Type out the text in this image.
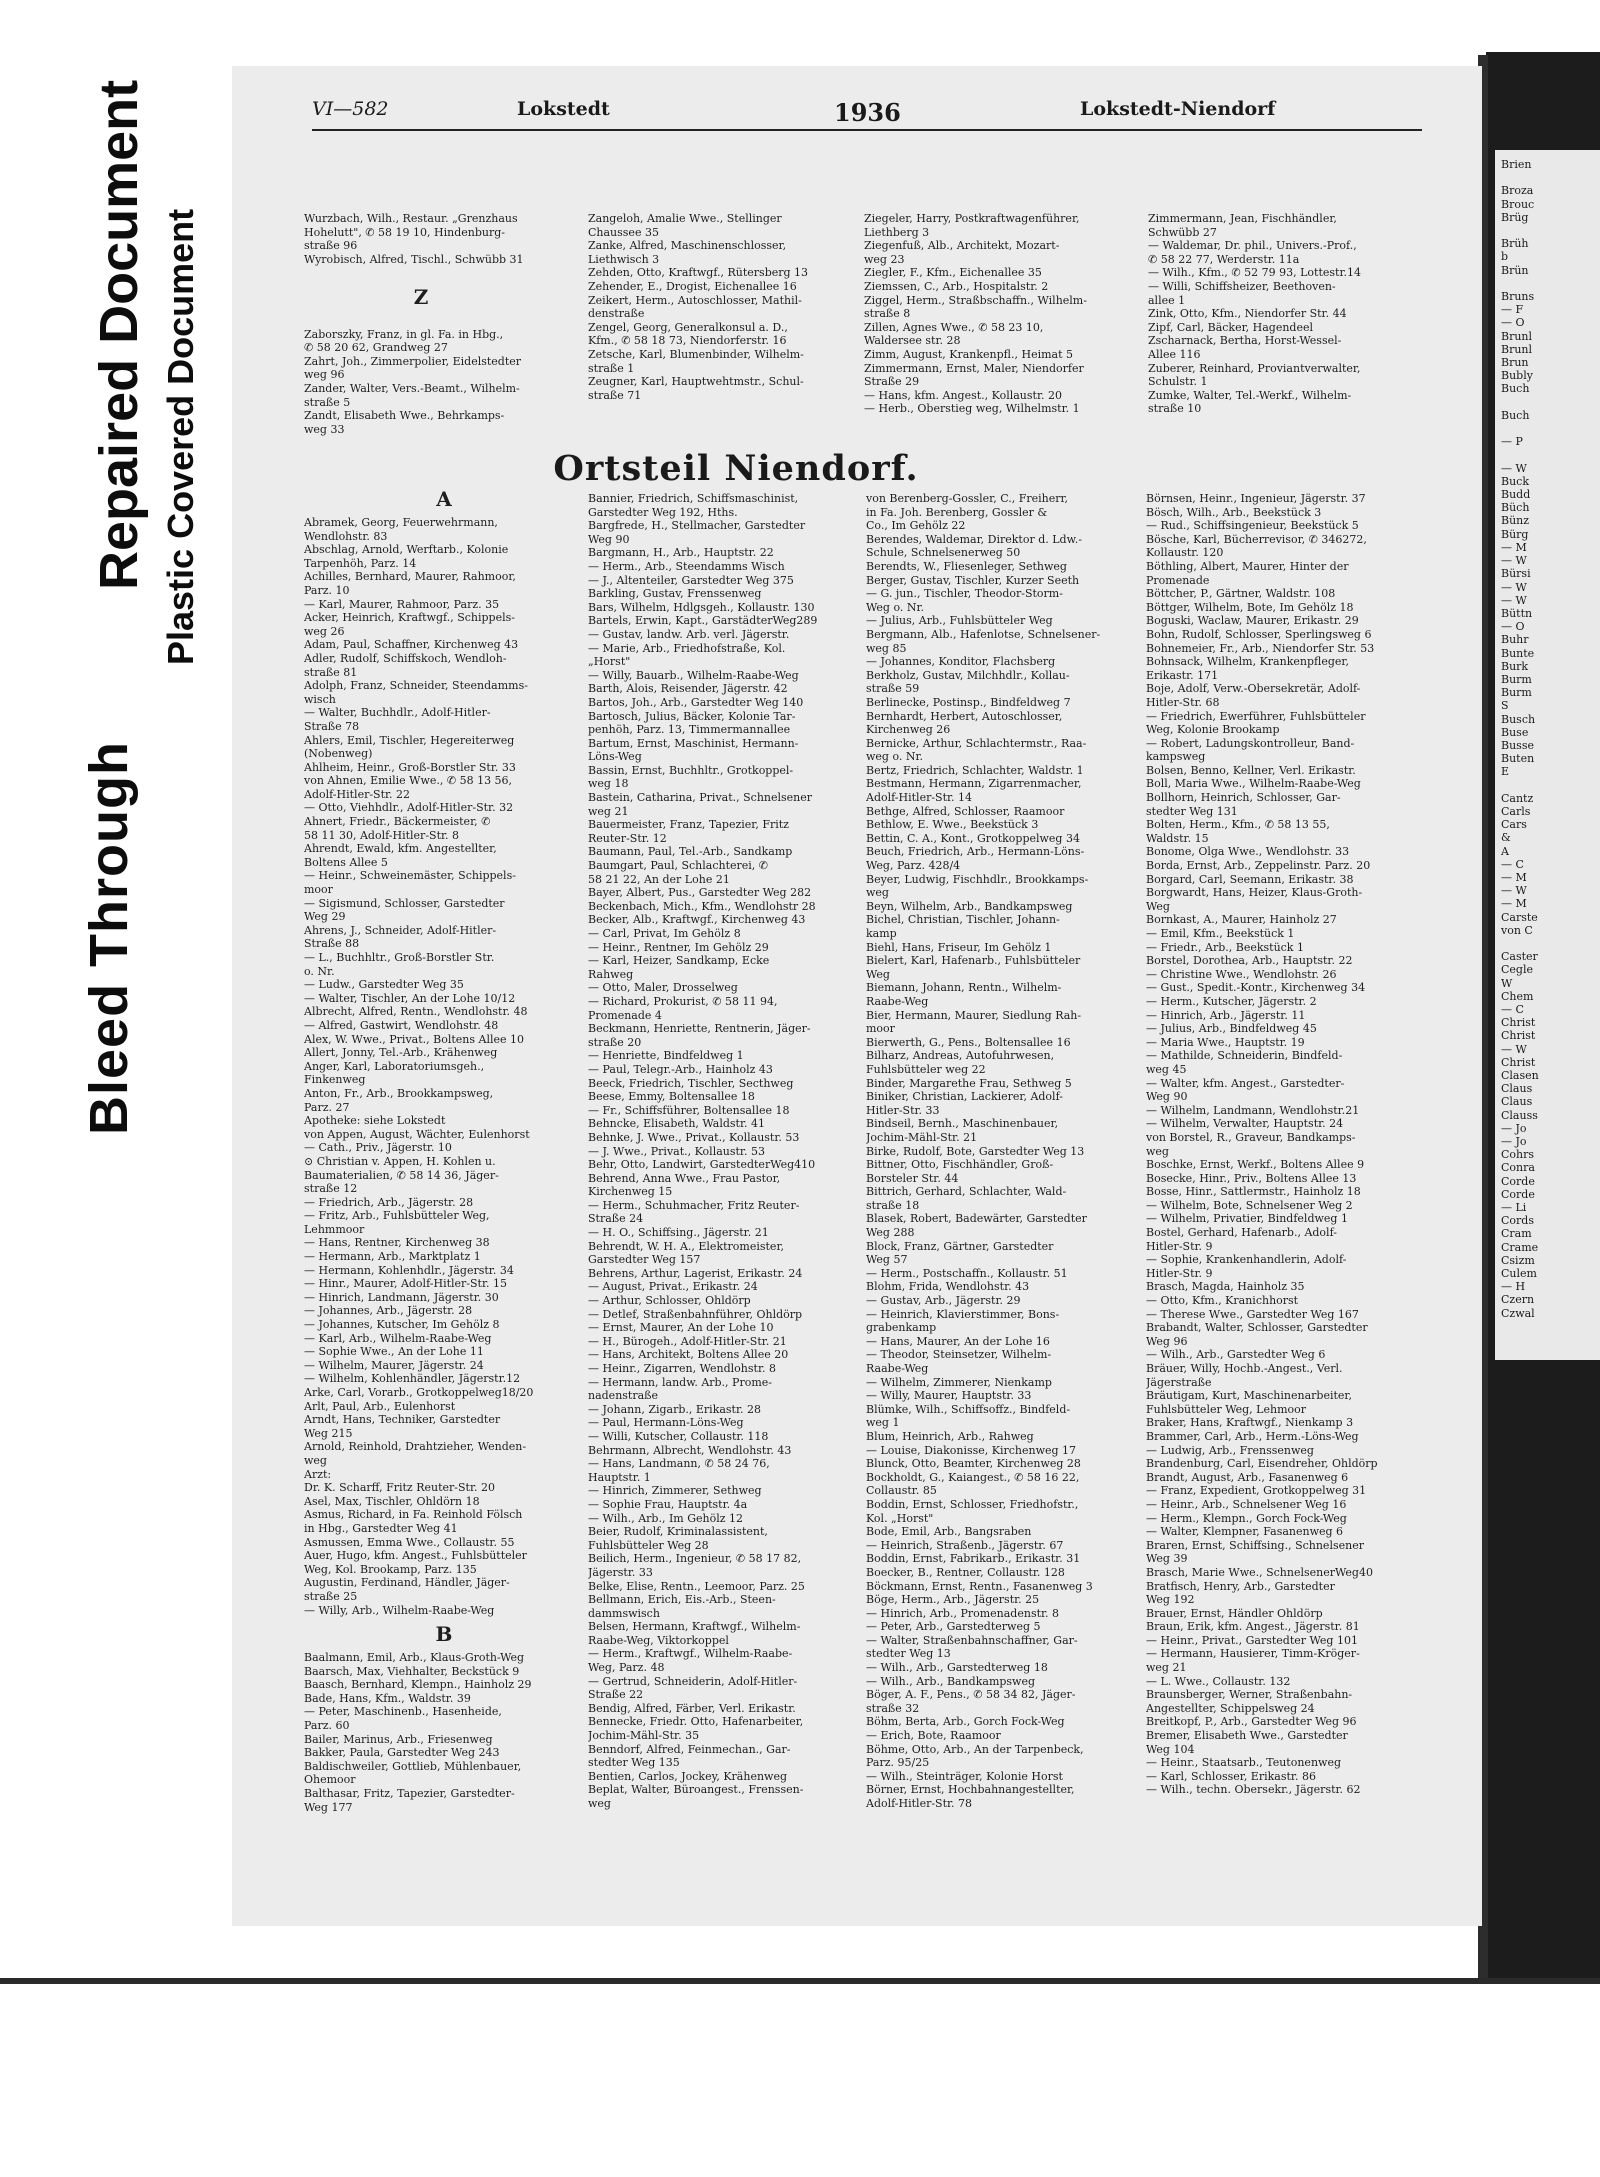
Bleed Through
Repaired Document Plastic Covered Document
VI—582	Lokstedt	1936	Lokstedt-Niendorf
Wurzbach, Wilh., Restaur. „Grenzhaus
Hohelutt", ✆ 58 19 10, Hindenburg-
straße 96
Wyrobisch, Alfred, Tischl., Schwübb 31

Z

Zaborszky, Franz, in gl. Fa. in Hbg.,
✆ 58 20 62, Grandweg 27
Zahrt, Joh., Zimmerpolier, Eidelstedter
weg 96
Zander, Walter, Vers.-Beamt., Wilhelm-
straße 5
Zandt, Elisabeth Wwe., Behrkamps-
weg 33
Zangeloh, Amalie Wwe., Stellinger
Chaussee 35
Zanke, Alfred, Maschinenschlosser,
Liethwisch 3
Zehden, Otto, Kraftwgf., Rütersberg 13
Zehender, E., Drogist, Eichenallee 16
Zeikert, Herm., Autoschlosser, Mathil-
denstraße
Zengel, Georg, Generalkonsul a. D.,
Kfm., ✆ 58 18 73, Niendorferstr. 16
Zetsche, Karl, Blumenbinder, Wilhelm-
straße 1
Zeugner, Karl, Hauptwehtmstr., Schul-
straße 71
Ziegeler, Harry, Postkraftwagenführer,
Liethberg 3
Ziegenfuß, Alb., Architekt, Mozart-
weg 23
Ziegler, F., Kfm., Eichenallee 35
Ziemssen, C., Arb., Hospitalstr. 2
Ziggel, Herm., Straßbschaffn., Wilhelm-
straße 8
Zillen, Agnes Wwe., ✆ 58 23 10,
Waldersee str. 28
Zimm, August, Krankenpfl., Heimat 5
Zimmermann, Ernst, Maler, Niendorfer
Straße 29
— Hans, kfm. Angest., Kollaustr. 20
— Herb., Oberstieg weg, Wilhelmstr. 1
Zimmermann, Jean, Fischhändler,
Schwübb 27
— Waldemar, Dr. phil., Univers.-Prof.,
✆ 58 22 77, Werderstr. 11a
— Wilh., Kfm., ✆ 52 79 93, Lottestr.14
— Willi, Schiffsheizer, Beethoven-
allee 1
Zink, Otto, Kfm., Niendorfer Str. 44
Zipf, Carl, Bäcker, Hagendeel
Zscharnack, Bertha, Horst-Wessel-
Allee 116
Zuberer, Reinhard, Proviantverwalter,
Schulstr. 1
Zumke, Walter, Tel.-Werkf., Wilhelm-
straße 10
Ortsteil Niendorf.
A
Abramek, Georg, Feuerwehrmann,
Wendlohstr. 83
Abschlag, Arnold, Werftarb., Kolonie
Tarpenhöh, Parz. 14
Achilles, Bernhard, Maurer, Rahmoor,
Parz. 10
— Karl, Maurer, Rahmoor, Parz. 35
Acker, Heinrich, Kraftwgf., Schippels-
weg 26
Adam, Paul, Schaffner, Kirchenweg 43
Adler, Rudolf, Schiffskoch, Wendloh-
straße 81
Adolph, Franz, Schneider, Steendamms-
wisch
— Walter, Buchhdlr., Adolf-Hitler-
Straße 78
Ahlers, Emil, Tischler, Hegereiterweg
(Nobenweg)
Ahlheim, Heinr., Groß-Borstler Str. 33
von Ahnen, Emilie Wwe., ✆ 58 13 56,
Adolf-Hitler-Str. 22
— Otto, Viehhdlr., Adolf-Hitler-Str. 32
Ahnert, Friedr., Bäckermeister, ✆
58 11 30, Adolf-Hitler-Str. 8
Ahrendt, Ewald, kfm. Angestellter,
Boltens Allee 5
— Heinr., Schweinemäster, Schippels-
moor
— Sigismund, Schlosser, Garstedter
Weg 29
Ahrens, J., Schneider, Adolf-Hitler-
Straße 88
— L., Buchhltr., Groß-Borstler Str.
o. Nr.
— Ludw., Garstedter Weg 35
— Walter, Tischler, An der Lohe 10/12
Albrecht, Alfred, Rentn., Wendlohstr. 48
— Alfred, Gastwirt, Wendlohstr. 48
Alex, W. Wwe., Privat., Boltens Allee 10
Allert, Jonny, Tel.-Arb., Krähenweg
Anger, Karl, Laboratoriumsgeh.,
Finkenweg
Anton, Fr., Arb., Brookkampsweg,
Parz. 27
Apotheke: siehe Lokstedt
von Appen, August, Wächter, Eulenhorst
— Cath., Priv., Jägerstr. 10
⊙ Christian v. Appen, H. Kohlen u.
Baumaterialien, ✆ 58 14 36, Jäger-
straße 12
— Friedrich, Arb., Jägerstr. 28
— Fritz, Arb., Fuhlsbütteler Weg,
Lehmmoor
— Hans, Rentner, Kirchenweg 38
— Hermann, Arb., Marktplatz 1
— Hermann, Kohlenhdlr., Jägerstr. 34
— Hinr., Maurer, Adolf-Hitler-Str. 15
— Hinrich, Landmann, Jägerstr. 30
— Johannes, Arb., Jägerstr. 28
— Johannes, Kutscher, Im Gehölz 8
— Karl, Arb., Wilhelm-Raabe-Weg
— Sophie Wwe., An der Lohe 11
— Wilhelm, Maurer, Jägerstr. 24
— Wilhelm, Kohlenhändler, Jägerstr.12
Arke, Carl, Vorarb., Grotkoppelweg18/20
Arlt, Paul, Arb., Eulenhorst
Arndt, Hans, Techniker, Garstedter
Weg 215
Arnold, Reinhold, Drahtzieher, Wenden-
weg
Arzt:
Dr. K. Scharff, Fritz Reuter-Str. 20
Asel, Max, Tischler, Ohldörn 18
Asmus, Richard, in Fa. Reinhold Fölsch
in Hbg., Garstedter Weg 41
Asmussen, Emma Wwe., Collaustr. 55
Auer, Hugo, kfm. Angest., Fuhlsbütteler
Weg, Kol. Brookamp, Parz. 135
Augustin, Ferdinand, Händler, Jäger-
straße 25
— Willy, Arb., Wilhelm-Raabe-Weg
B
Baalmann, Emil, Arb., Klaus-Groth-Weg
Baarsch, Max, Viehhalter, Beckstück 9
Baasch, Bernhard, Klempn., Hainholz 29
Bade, Hans, Kfm., Waldstr. 39
— Peter, Maschinenb., Hasenheide,
Parz. 60
Bailer, Marinus, Arb., Friesenweg
Bakker, Paula, Garstedter Weg 243
Baldischweiler, Gottlieb, Mühlenbauer,
Ohemoor
Balthasar, Fritz, Tapezier, Garstedter-
Weg 177
Bannier, Friedrich, Schiffsmaschinist,
Garstedter Weg 192, Hths.
Bargfrede, H., Stellmacher, Garstedter
Weg 90
Bargmann, H., Arb., Hauptstr. 22
— Herm., Arb., Steendamms Wisch
— J., Altenteiler, Garstedter Weg 375
Barkling, Gustav, Frenssenweg
Bars, Wilhelm, Hdlgsgeh., Kollaustr. 130
Bartels, Erwin, Kapt., GarstädterWeg289
— Gustav, landw. Arb. verl. Jägerstr.
— Marie, Arb., Friedhofstraße, Kol.
„Horst"
— Willy, Bauarb., Wilhelm-Raabe-Weg
Barth, Alois, Reisender, Jägerstr. 42
Bartos, Joh., Arb., Garstedter Weg 140
Bartosch, Julius, Bäcker, Kolonie Tar-
penhöh, Parz. 13, Timmermannallee
Bartum, Ernst, Maschinist, Hermann-
Löns-Weg
Bassin, Ernst, Buchhltr., Grotkoppel-
weg 18
Bastein, Catharina, Privat., Schnelsener
weg 21
Bauermeister, Franz, Tapezier, Fritz
Reuter-Str. 12
Baumann, Paul, Tel.-Arb., Sandkamp
Baumgart, Paul, Schlachterei, ✆
58 21 22, An der Lohe 21
Bayer, Albert, Pus., Garstedter Weg 282
Beckenbach, Mich., Kfm., Wendlohstr 28
Becker, Alb., Kraftwgf., Kirchenweg 43
— Carl, Privat, Im Gehölz 8
— Heinr., Rentner, Im Gehölz 29
— Karl, Heizer, Sandkamp, Ecke
Rahweg
— Otto, Maler, Drosselweg
— Richard, Prokurist, ✆ 58 11 94,
Promenade 4
Beckmann, Henriette, Rentnerin, Jäger-
straße 20
— Henriette, Bindfeldweg 1
— Paul, Telegr.-Arb., Hainholz 43
Beeck, Friedrich, Tischler, Secthweg
Beese, Emmy, Boltensallee 18
— Fr., Schiffsführer, Boltensallee 18
Behncke, Elisabeth, Waldstr. 41
Behnke, J. Wwe., Privat., Kollaustr. 53
— J. Wwe., Privat., Kollaustr. 53
Behr, Otto, Landwirt, GarstedterWeg410
Behrend, Anna Wwe., Frau Pastor,
Kirchenweg 15
— Herm., Schuhmacher, Fritz Reuter-
Straße 24
— H. O., Schiffsing., Jägerstr. 21
Behrendt, W. H. A., Elektromeister,
Garstedter Weg 157
Behrens, Arthur, Lagerist, Erikastr. 24
— August, Privat., Erikastr. 24
— Arthur, Schlosser, Ohldörp
— Detlef, Straßenbahnführer, Ohldörp
— Ernst, Maurer, An der Lohe 10
— H., Bürogeh., Adolf-Hitler-Str. 21
— Hans, Architekt, Boltens Allee 20
— Heinr., Zigarren, Wendlohstr. 8
— Hermann, landw. Arb., Prome-
nadenstraße
— Johann, Zigarb., Erikastr. 28
— Paul, Hermann-Löns-Weg
— Willi, Kutscher, Collaustr. 118
Behrmann, Albrecht, Wendlohstr. 43
— Hans, Landmann, ✆ 58 24 76,
Hauptstr. 1
— Hinrich, Zimmerer, Sethweg
— Sophie Frau, Hauptstr. 4a
— Wilh., Arb., Im Gehölz 12
Beier, Rudolf, Kriminalassistent,
Fuhlsbütteler Weg 28
Beilich, Herm., Ingenieur, ✆ 58 17 82,
Jägerstr. 33
Belke, Elise, Rentn., Leemoor, Parz. 25
Bellmann, Erich, Eis.-Arb., Steen-
dammswisch
Belsen, Hermann, Kraftwgf., Wilhelm-
Raabe-Weg, Viktorkoppel
— Herm., Kraftwgf., Wilhelm-Raabe-
Weg, Parz. 48
— Gertrud, Schneiderin, Adolf-Hitler-
Straße 22
Bendig, Alfred, Färber, Verl. Erikastr.
Bennecke, Friedr. Otto, Hafenarbeiter,
Jochim-Mähl-Str. 35
Benndorf, Alfred, Feinmechan., Gar-
stedter Weg 135
Bentien, Carlos, Jockey, Krähenweg
Beplat, Walter, Büroangest., Frenssen-
weg
von Berenberg-Gossler, C., Freiherr,
in Fa. Joh. Berenberg, Gossler &
Co., Im Gehölz 22
Berendes, Waldemar, Direktor d. Ldw.-
Schule, Schnelsenerweg 50
Berendts, W., Fliesenleger, Sethweg
Berger, Gustav, Tischler, Kurzer Seeth
— G. jun., Tischler, Theodor-Storm-
Weg o. Nr.
— Julius, Arb., Fuhlsbütteler Weg
Bergmann, Alb., Hafenlotse, Schnelsener-
weg 85
— Johannes, Konditor, Flachsberg
Berkholz, Gustav, Milchhdlr., Kollau-
straße 59
Berlinecke, Postinsp., Bindfeldweg 7
Bernhardt, Herbert, Autoschlosser,
Kirchenweg 26
Bernicke, Arthur, Schlachtermstr., Raa-
weg o. Nr.
Bertz, Friedrich, Schlachter, Waldstr. 1
Bestmann, Hermann, Zigarrenmacher,
Adolf-Hitler-Str. 14
Bethge, Alfred, Schlosser, Raamoor
Bethlow, E. Wwe., Beekstück 3
Bettin, C. A., Kont., Grotkoppelweg 34
Beuch, Friedrich, Arb., Hermann-Löns-
Weg, Parz. 428/4
Beyer, Ludwig, Fischhdlr., Brookkamps-
weg
Beyn, Wilhelm, Arb., Bandkampsweg
Bichel, Christian, Tischler, Johann-
kamp
Biehl, Hans, Friseur, Im Gehölz 1
Bielert, Karl, Hafenarb., Fuhlsbütteler
Weg
Biemann, Johann, Rentn., Wilhelm-
Raabe-Weg
Bier, Hermann, Maurer, Siedlung Rah-
moor
Bierwerth, G., Pens., Boltensallee 16
Bilharz, Andreas, Autofuhrwesen,
Fuhlsbütteler weg 22
Binder, Margarethe Frau, Sethweg 5
Biniker, Christian, Lackierer, Adolf-
Hitler-Str. 33
Bindseil, Bernh., Maschinenbauer,
Jochim-Mähl-Str. 21
Birke, Rudolf, Bote, Garstedter Weg 13
Bittner, Otto, Fischhändler, Groß-
Borsteler Str. 44
Bittrich, Gerhard, Schlachter, Wald-
straße 18
Blasek, Robert, Badewärter, Garstedter
Weg 288
Block, Franz, Gärtner, Garstedter
Weg 57
— Herm., Postschaffn., Kollaustr. 51
Blohm, Frida, Wendlohstr. 43
— Gustav, Arb., Jägerstr. 29
— Heinrich, Klavierstimmer, Bons-
grabenkamp
— Hans, Maurer, An der Lohe 16
— Theodor, Steinsetzer, Wilhelm-
Raabe-Weg
— Wilhelm, Zimmerer, Nienkamp
— Willy, Maurer, Hauptstr. 33
Blümke, Wilh., Schiffsoffz., Bindfeld-
weg 1
Blum, Heinrich, Arb., Rahweg
— Louise, Diakonisse, Kirchenweg 17
Blunck, Otto, Beamter, Kirchenweg 28
Bockholdt, G., Kaiangest., ✆ 58 16 22,
Collaustr. 85
Boddin, Ernst, Schlosser, Friedhofstr.,
Kol. „Horst"
Bode, Emil, Arb., Bangsraben
— Heinrich, Straßenb., Jägerstr. 67
Boddin, Ernst, Fabrikarb., Erikastr. 31
Boecker, B., Rentner, Collaustr. 128
Böckmann, Ernst, Rentn., Fasanenweg 3
Böge, Herm., Arb., Jägerstr. 25
— Hinrich, Arb., Promenadenstr. 8
— Peter, Arb., Garstedterweg 5
— Walter, Straßenbahnschaffner, Gar-
stedter Weg 13
— Wilh., Arb., Garstedterweg 18
— Wilh., Arb., Bandkampsweg
Böger, A. F., Pens., ✆ 58 34 82, Jäger-
straße 32
Böhm, Berta, Arb., Gorch Fock-Weg
— Erich, Bote, Raamoor
Böhme, Otto, Arb., An der Tarpenbeck,
Parz. 95/25
— Wilh., Steinträger, Kolonie Horst
Börner, Ernst, Hochbahnangestellter,
Adolf-Hitler-Str. 78
Börnsen, Heinr., Ingenieur, Jägerstr. 37
Bösch, Wilh., Arb., Beekstück 3
— Rud., Schiffsingenieur, Beekstück 5
Bösche, Karl, Bücherrevisor, ✆ 346272,
Kollaustr. 120
Böthling, Albert, Maurer, Hinter der
Promenade
Böttcher, P., Gärtner, Waldstr. 108
Böttger, Wilhelm, Bote, Im Gehölz 18
Boguski, Waclaw, Maurer, Erikastr. 29
Bohn, Rudolf, Schlosser, Sperlingsweg 6
Bohnemeier, Fr., Arb., Niendorfer Str. 53
Bohnsack, Wilhelm, Krankenpfleger,
Erikastr. 171
Boje, Adolf, Verw.-Obersekretär, Adolf-
Hitler-Str. 68
— Friedrich, Ewerführer, Fuhlsbütteler
Weg, Kolonie Brookamp
— Robert, Ladungskontrolleur, Band-
kampsweg
Bolsen, Benno, Kellner, Verl. Erikastr.
Boll, Maria Wwe., Wilhelm-Raabe-Weg
Bollhorn, Heinrich, Schlosser, Gar-
stedter Weg 131
Bolten, Herm., Kfm., ✆ 58 13 55,
Waldstr. 15
Bonome, Olga Wwe., Wendlohstr. 33
Borda, Ernst, Arb., Zeppelinstr. Parz. 20
Borgard, Carl, Seemann, Erikastr. 38
Borgwardt, Hans, Heizer, Klaus-Groth-
Weg
Bornkast, A., Maurer, Hainholz 27
— Emil, Kfm., Beekstück 1
— Friedr., Arb., Beekstück 1
Borstel, Dorothea, Arb., Hauptstr. 22
— Christine Wwe., Wendlohstr. 26
— Gust., Spedit.-Kontr., Kirchenweg 34
— Herm., Kutscher, Jägerstr. 2
— Hinrich, Arb., Jägerstr. 11
— Julius, Arb., Bindfeldweg 45
— Maria Wwe., Hauptstr. 19
— Mathilde, Schneiderin, Bindfeld-
weg 45
— Walter, kfm. Angest., Garstedter-
Weg 90
— Wilhelm, Landmann, Wendlohstr.21
— Wilhelm, Verwalter, Hauptstr. 24
von Borstel, R., Graveur, Bandkamps-
weg
Boschke, Ernst, Werkf., Boltens Allee 9
Bosecke, Hinr., Priv., Boltens Allee 13
Bosse, Hinr., Sattlermstr., Hainholz 18
— Wilhelm, Bote, Schnelsener Weg 2
— Wilhelm, Privatier, Bindfeldweg 1
Bostel, Gerhard, Hafenarb., Adolf-
Hitler-Str. 9
— Sophie, Krankenhandlerin, Adolf-
Hitler-Str. 9
Brasch, Magda, Hainholz 35
— Otto, Kfm., Kranichhorst
— Therese Wwe., Garstedter Weg 167
Brabandt, Walter, Schlosser, Garstedter
Weg 96
— Wilh., Arb., Garstedter Weg 6
Bräuer, Willy, Hochb.-Angest., Verl.
Jägerstraße
Bräutigam, Kurt, Maschinenarbeiter,
Fuhlsbütteler Weg, Lehmoor
Braker, Hans, Kraftwgf., Nienkamp 3
Brammer, Carl, Arb., Herm.-Löns-Weg
— Ludwig, Arb., Frenssenweg
Brandenburg, Carl, Eisendreher, Ohldörp
Brandt, August, Arb., Fasanenweg 6
— Franz, Expedient, Grotkoppelweg 31
— Heinr., Arb., Schnelsener Weg 16
— Herm., Klempn., Gorch Fock-Weg
— Walter, Klempner, Fasanenweg 6
Braren, Ernst, Schiffsing., Schnelsener
Weg 39
Brasch, Marie Wwe., SchnelsenerWeg40
Bratfisch, Henry, Arb., Garstedter
Weg 192
Brauer, Ernst, Händler Ohldörp
Braun, Erik, kfm. Angest., Jägerstr. 81
— Heinr., Privat., Garstedter Weg 101
— Hermann, Hausierer, Timm-Kröger-
weg 21
— L. Wwe., Collaustr. 132
Braunsberger, Werner, Straßenbahn-
Angestellter, Schippelsweg 24
Breitkopf, P., Arb., Garstedter Weg 96
Bremer, Elisabeth Wwe., Garstedter
Weg 104
— Heinr., Staatsarb., Teutonenweg
— Karl, Schlosser, Erikastr. 86
— Wilh., techn. Obersekr., Jägerstr. 62
Brien

Broza
Brouc
Brüg

Brüh
b
Brün

Bruns
— F
— O
Brunl
Brunl
Brun
Bubly
Buch

Buch

— P

— W
Buck
Budd
Büch
Bünz
Bürg
— M
— W
Bürsi
— W
— W
Büttn
— O
Buhr
Bunte
Burk
Burm
Burm
S
Busch
Buse
Busse
Buten
E

Cantz
Carls
Cars
&
A
— C
— M
— W
— M
Carste
von C

Caster
Cegle
W
Chem
— C
Christ
Christ
— W
Christ
Clasen
Claus
Claus
Clauss
— Jo
— Jo
Cohrs
Conra
Corde
Corde
— Li
Cords
Cram
Crame
Csizm
Culem
— H
Czern
Czwal
